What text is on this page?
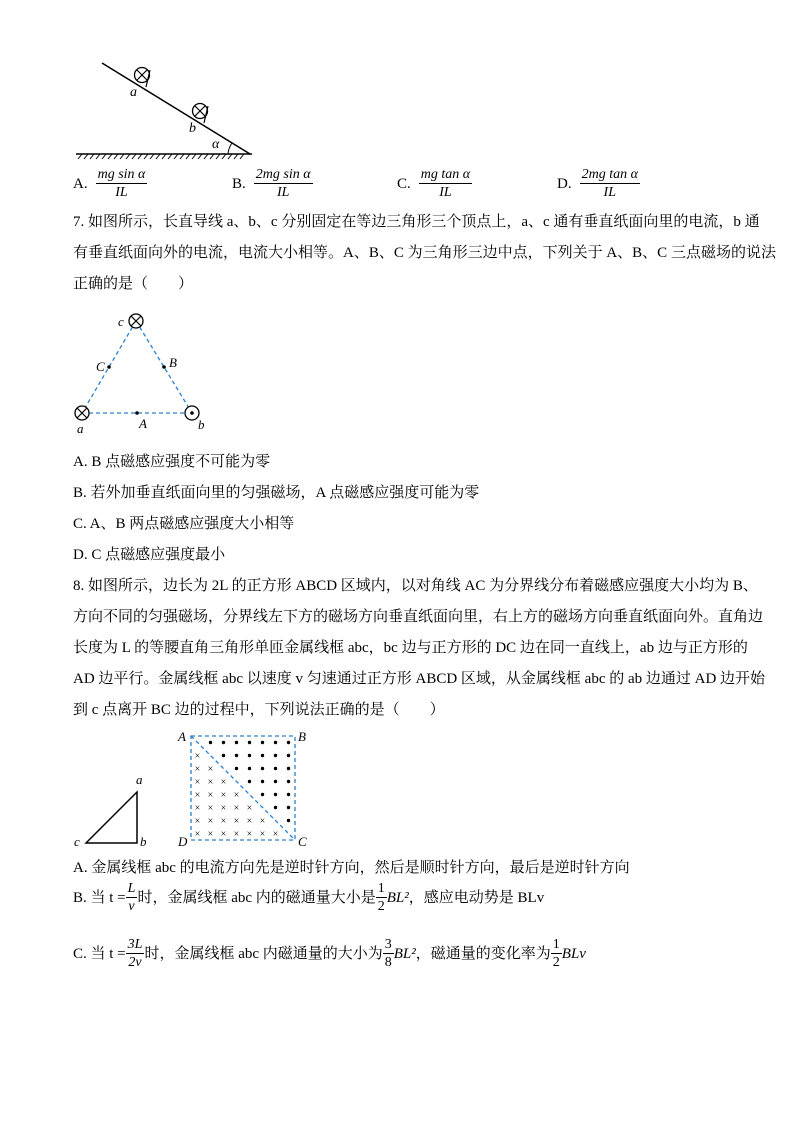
a
b
α
A. $\frac{\text{mg sin α}}{IL}$	B. $\frac{\text{2mg sin α}}{IL}$	C. $\frac{\text{mg tan α}}{IL}$	D. $\frac{\text{2mg tan α}}{IL}$
7. 如图所示，长直导线 a、b、c 分别固定在等边三角形三个顶点上，a、c 通有垂直纸面向里的电流，b 通
有垂直纸面向外的电流，电流大小相等。A、B、C 为三角形三边中点，下列关于 A、B、C 三点磁场的说法
正确的是（　　）
c
a	b
C	B
A
A. B 点磁感应强度不可能为零
B. 若外加垂直纸面向里的匀强磁场，A 点磁感应强度可能为零
C. A、B 两点磁感应强度大小相等
D. C 点磁感应强度最小
8. 如图所示，边长为 2L 的正方形 ABCD 区域内，以对角线 AC 为分界线分布着磁感应强度大小均为 B、
方向不同的匀强磁场，分界线左下方的磁场方向垂直纸面向里，右上方的磁场方向垂直纸面向外。直角边
长度为 L 的等腰直角三角形单匝金属线框 abc，bc 边与正方形的 DC 边在同一直线上，ab 边与正方形的
AD 边平行。金属线框 abc 以速度 v 匀速通过正方形 ABCD 区域，从金属线框 abc 的 ab 边通过 AD 边开始
到 c 点离开 BC 边的过程中，下列说法正确的是（　　）
a
b
c
×
× ×
× × ×
× × × ×
× × × × ×
× × × × × ×
× × × × × × ×
A	B
C
D
A. 金属线框 abc 的电流方向先是逆时针方向，然后是顺时针方向，最后是逆时针方向
B. 当 $t = \frac{L}{v}$ 时，金属线框 abc 内的磁通量大小是 $\frac{1}{2} BL^2$ ，感应电动势是 BLv
C. 当 $t = \frac{3L}{2v}$ 时，金属线框 abc 内磁通量的大小为 $\frac{3}{8} BL^2$ ，磁通量的变化率为 $\frac{1}{2}$ BLv
